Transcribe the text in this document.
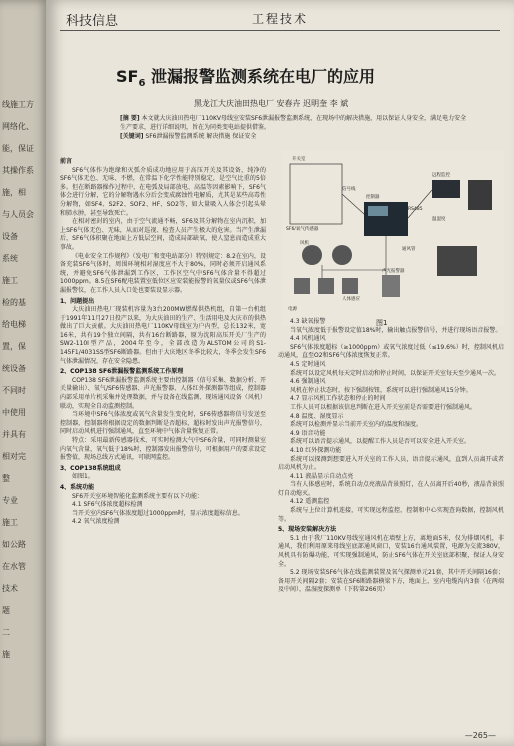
线施工方
网络化、
能，保证
其操作系
施，相
与人员会
设备
系统
施工
检的基
给电梯
置，保
统设备
不同时
中使用
并具有
相对完
整
专业
施工
如公路
在水管
技术
题
二
施
科技信息	工程技术
$SF_6$ 泄漏报警监测系统在电厂的应用
黑龙江大庆油田热电厂 安春卉 迟明奎 李 斌
[摘 要] 本文就大庆油田热电厂110KV母线室安装SF6泄漏报警监测系统，在现场中的解决措施，用以保证人身安全，满足电力安全生产要求，进行详细说明，旨在为同类变电站提供借鉴。
[关键词] SF6泄漏报警监测系统 解决措施 保证安全
前言

SF6气体作为绝缘和灭弧介质成功地应用于高压开关及其设备，纯净的SF6气体无色、无味、不燃，在常温下化学性能特别稳定，是空气比重的5倍多。但在断路器操作过程中，在电弧及局部放电、高温等因素影响下，SF6气体会进行分解，它的分解物遇水分后会变成腐蚀性电解质，尤其是某些高毒性分解物，如SF4、S2F2、SOF2、HF、SO2等，如大量吸入人体会引起头晕和肺水肿，甚至导致死亡。

在相对密封的室内，由于空气流通不畅，SF6及其分解物在室内沉积，加上SF6气体无色、无味，从而对巡视、检查人员产生极大的危害。当产生泄漏后，SF6气体积聚在地面上方低层空间，造成局部缺氧，使人窒息而造成重大事故。

《电业安全工作规程》（发电厂和变电站部分）特别规定：8.2在室内，设备充装SF6气体时，周围环境相对湿度应不大于80%，同时必须开启通风系统，并避免SF6气体泄漏到工作区，工作区空气中SF6气体含量不得超过1000ppm。8.5在SF6配电装置室低位区应安装能报警的氧量仪或SF6气体泄漏报警仪，在工作人员入口处也要装设显示器。

1、问题提出

大庆油田热电厂现装机容量为3台200MW燃煤供热机组，自第一台机组于1991年11月27日投产以来，为大庆油田的生产、生活用电及大庆市的供热做出了巨大贡献。大庆油田热电厂110KV母线室为户内型，总长132米，宽16米，共有19个独立间隔，共有16台断路器，原为沈阳高压开关厂生产的SW2-110I型产品，2004年至今，全部改造为ALSTOM公司的S1-145F1/4031SS型SF6断路器。但由于大庆地区冬季比较大，冬季会发生SF6气体泄漏情况，存在安全隐患。

2、COP138 SF6泄漏报警监测系统工作原理

COP138 SF6泄漏报警监测系统主要由控制器（信号采集、数据分析、开关量输出）、氧气/SF6传感器、声光报警器、人体红外探测器等组成，控制器内部采用单片机采集并处理数据，并与设备在线监测、现场通风设备（风机）联动，实现全自动监测控制。

当环境中SF6气体浓度或氧气含量发生变化时，SF6传感器将信号发送至控制器，控制器将根据设定的数据判断是否超标，超标时发出声光报警信号，同时启动风机进行强制通风，直至环境中气体含量恢复正常。

特点：采用最新传感器技术，可实时检测大气中SF6含量，可同时测量室内氧气含量，氧气低于18%时，控制器发出报警信号，可根据用户的要求设定报警值，现场总线方式通讯，可联网监控。

3、COP138系统组成

如图1。

4、系统功能

SF6开关室环境智能化监测系统主要有以下功能：

4.1 SF6气体浓度超标检测

当开关室内SF6气体浓度超过1000ppm时，显示浓度超标信息。

4.2 氧气浓度检测

开关室
SF6/氧气传感器
控制器
声光报警器
风机
温湿度
人体感应
通风管
远程监控
RS485
信号线
电源
图1

4.3 缺氧报警

当氧气浓度低于报警设定值18%时，输出触点报警信号，并进行现场语音报警。

4.4 风机通风

SF6气体浓度超标（≥1000ppm）或氧气浓度过低（≤19.6%）时，控制风机启动通风，直至O2和SF6气体浓度恢复正常。

4.5 定时通风

系统可以设定风机每天定时启动和停止时间，以保证开关室每天至少通风一次。

4.6 强制通风

风机在停止状态时，按下强制按钮，系统可以进行强制通风15分钟。

4.7 显示风机工作状态和停止的时间

工作人员可以根据该信息判断在进入开关室前是否需要进行强制通风。

4.8 温度、湿度显示

系统可以检测并显示当前开关室内的温度和湿度。

4.9 语音功能

系统可以语音提示通风，以提醒工作人员是否可以安全进入开关室。

4.10 红外探测功能

系统可以探测到想要进入开关室的工作人员，语音提示通风，直到人员离开或者启动风机为止。

4.11 液晶显示自动点亮

当有人体感应时，系统自动点亮液晶背景照灯，在人员离开后40秒，液晶背景照灯自动熄灭。

4.12 遥测监控

系统与上位计算机连接，可实现远程监控，控制和中心实现查询数据，控制风机等。

5、现场安装解决方法

5.1 由于我厂110KV母线室通风机在墙壁上方，离地面5米，仅为排烟风机，非通风，我们利用原来母线室底部通风窗口，安装16台通风装置，电源为交流380V，风机具有防爆功能，可实现强制通风，防止SF6气体在开关室底部积聚，保证人身安全。

5.2 现场安装SF6气体在线监测装置及氧气探测单元21套，其中开关间隔16套；备用开关间隔2套；安装在SF6断路器横梁下方，地面上，室内电缆沟内3套（在两端及中间），温湿度探测单（下转第266页）

—265—
